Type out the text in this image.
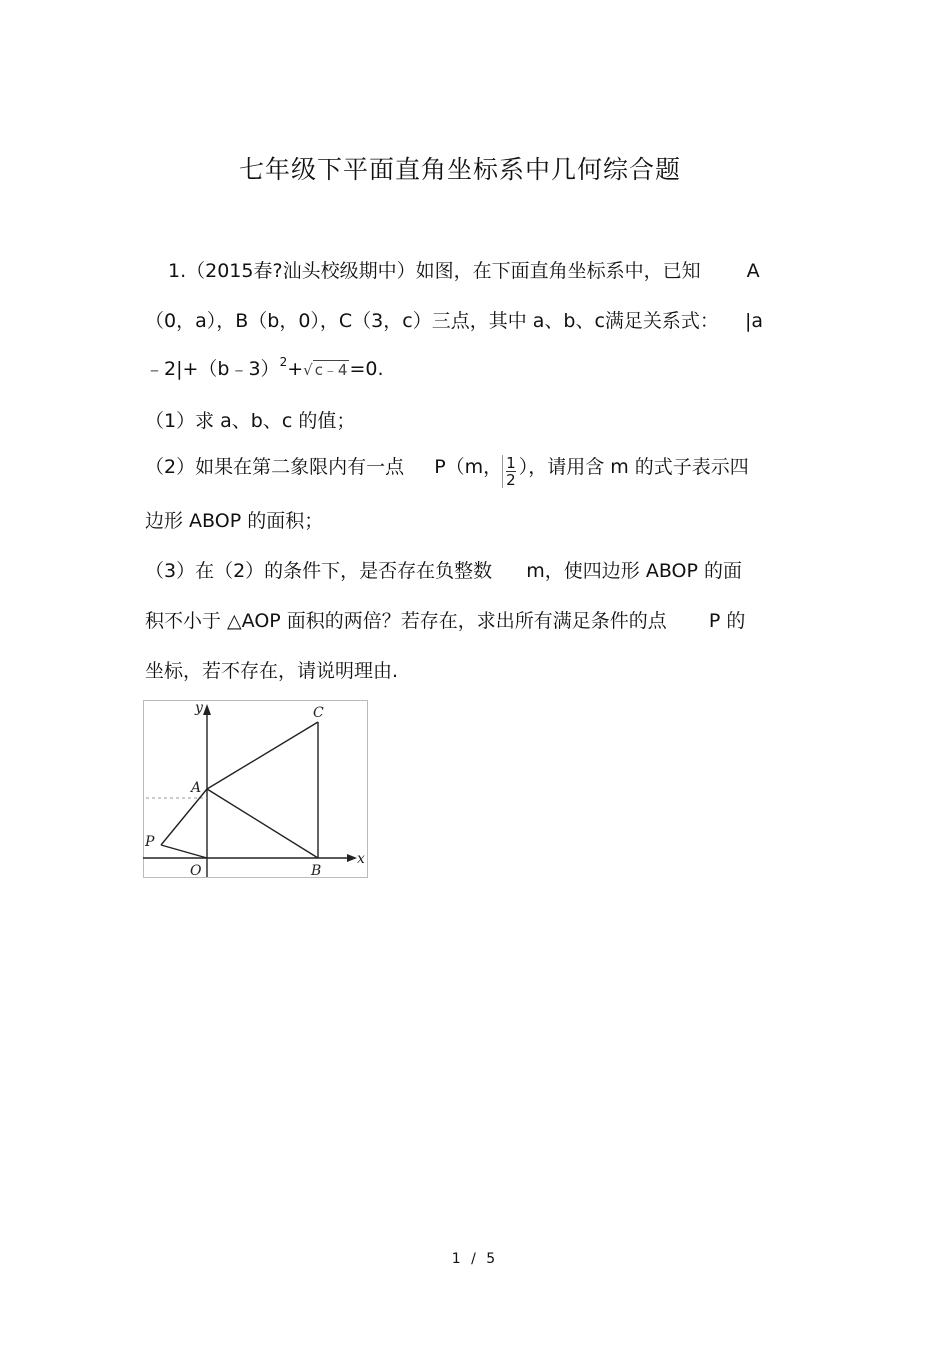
七年级下平面直角坐标系中几何综合题
1.（2015春?汕头校级期中）如图，在下面直角坐标系中，已知 A
（0，a），B（b，0），C（3，c）三点，其中 a、b、c满足关系式： |a
﹣2|+（b﹣3）$^2$+√ c﹣4 =0.
（1）求 a、b、c 的值；
（2）如果在第二象限内有一点 P（m， $\frac{1}{2}$ ），请用含 m 的式子表示四
边形 ABOP 的面积；
（3）在（2）的条件下，是否存在负整数 m，使四边形 ABOP 的面
积不小于 △AOP 面积的两倍？若存在，求出所有满足条件的点 P 的
坐标，若不存在，请说明理由.
y
x
C
A
P
O	B
1 / 5
